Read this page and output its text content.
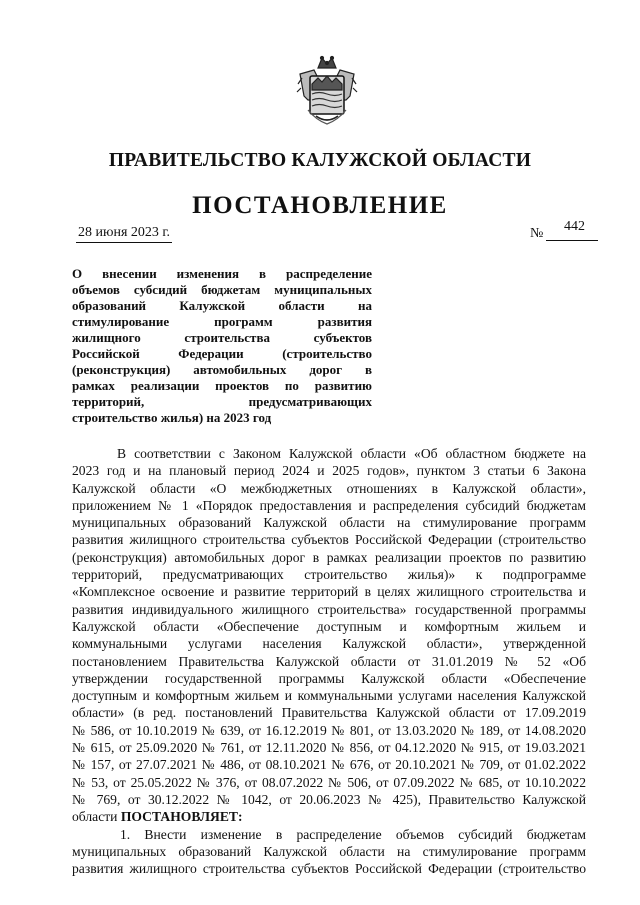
ПРАВИТЕЛЬСТВО КАЛУЖСКОЙ ОБЛАСТИ
ПОСТАНОВЛЕНИЕ
28 июня 2023 г.	№ 442
О внесении изменения в распределение
объемов субсидий бюджетам муниципальных
образований Калужской области на
стимулирование программ развития
жилищного строительства субъектов
Российской Федерации (строительство
(реконструкция) автомобильных дорог в
рамках реализации проектов по развитию
территорий, предусматривающих
строительство жилья) на 2023 год
В соответствии с Законом Калужской области «Об областном бюджете на
2023 год и на плановый период 2024 и 2025 годов», пунктом 3 статьи 6 Закона
Калужской области «О межбюджетных отношениях в Калужской области»,
приложением № 1 «Порядок предоставления и распределения субсидий бюджетам
муниципальных образований Калужской области на стимулирование программ
развития жилищного строительства субъектов Российской Федерации (строительство
(реконструкция) автомобильных дорог в рамках реализации проектов по развитию
территорий, предусматривающих строительство жилья)» к подпрограмме
«Комплексное освоение и развитие территорий в целях жилищного строительства и
развития индивидуального жилищного строительства» государственной программы
Калужской области «Обеспечение доступным и комфортным жильем и
коммунальными услугами населения Калужской области», утвержденной
постановлением Правительства Калужской области от 31.01.2019 № 52 «Об
утверждении государственной программы Калужской области «Обеспечение
доступным и комфортным жильем и коммунальными услугами населения Калужской
области» (в ред. постановлений Правительства Калужской области от 17.09.2019
№ 586, от 10.10.2019 № 639, от 16.12.2019 № 801, от 13.03.2020 № 189, от 14.08.2020
№ 615, от 25.09.2020 № 761, от 12.11.2020 № 856, от 04.12.2020 № 915, от 19.03.2021
№ 157, от 27.07.2021 № 486, от 08.10.2021 № 676, от 20.10.2021 № 709, от 01.02.2022
№ 53, от 25.05.2022 № 376, от 08.07.2022 № 506, от 07.09.2022 № 685, от 10.10.2022
№ 769, от 30.12.2022 № 1042, от 20.06.2023 № 425), Правительство Калужской
области ПОСТАНОВЛЯЕТ:
1. Внести изменение в распределение объемов субсидий бюджетам
муниципальных образований Калужской области на стимулирование программ
развития жилищного строительства субъектов Российской Федерации (строительство
